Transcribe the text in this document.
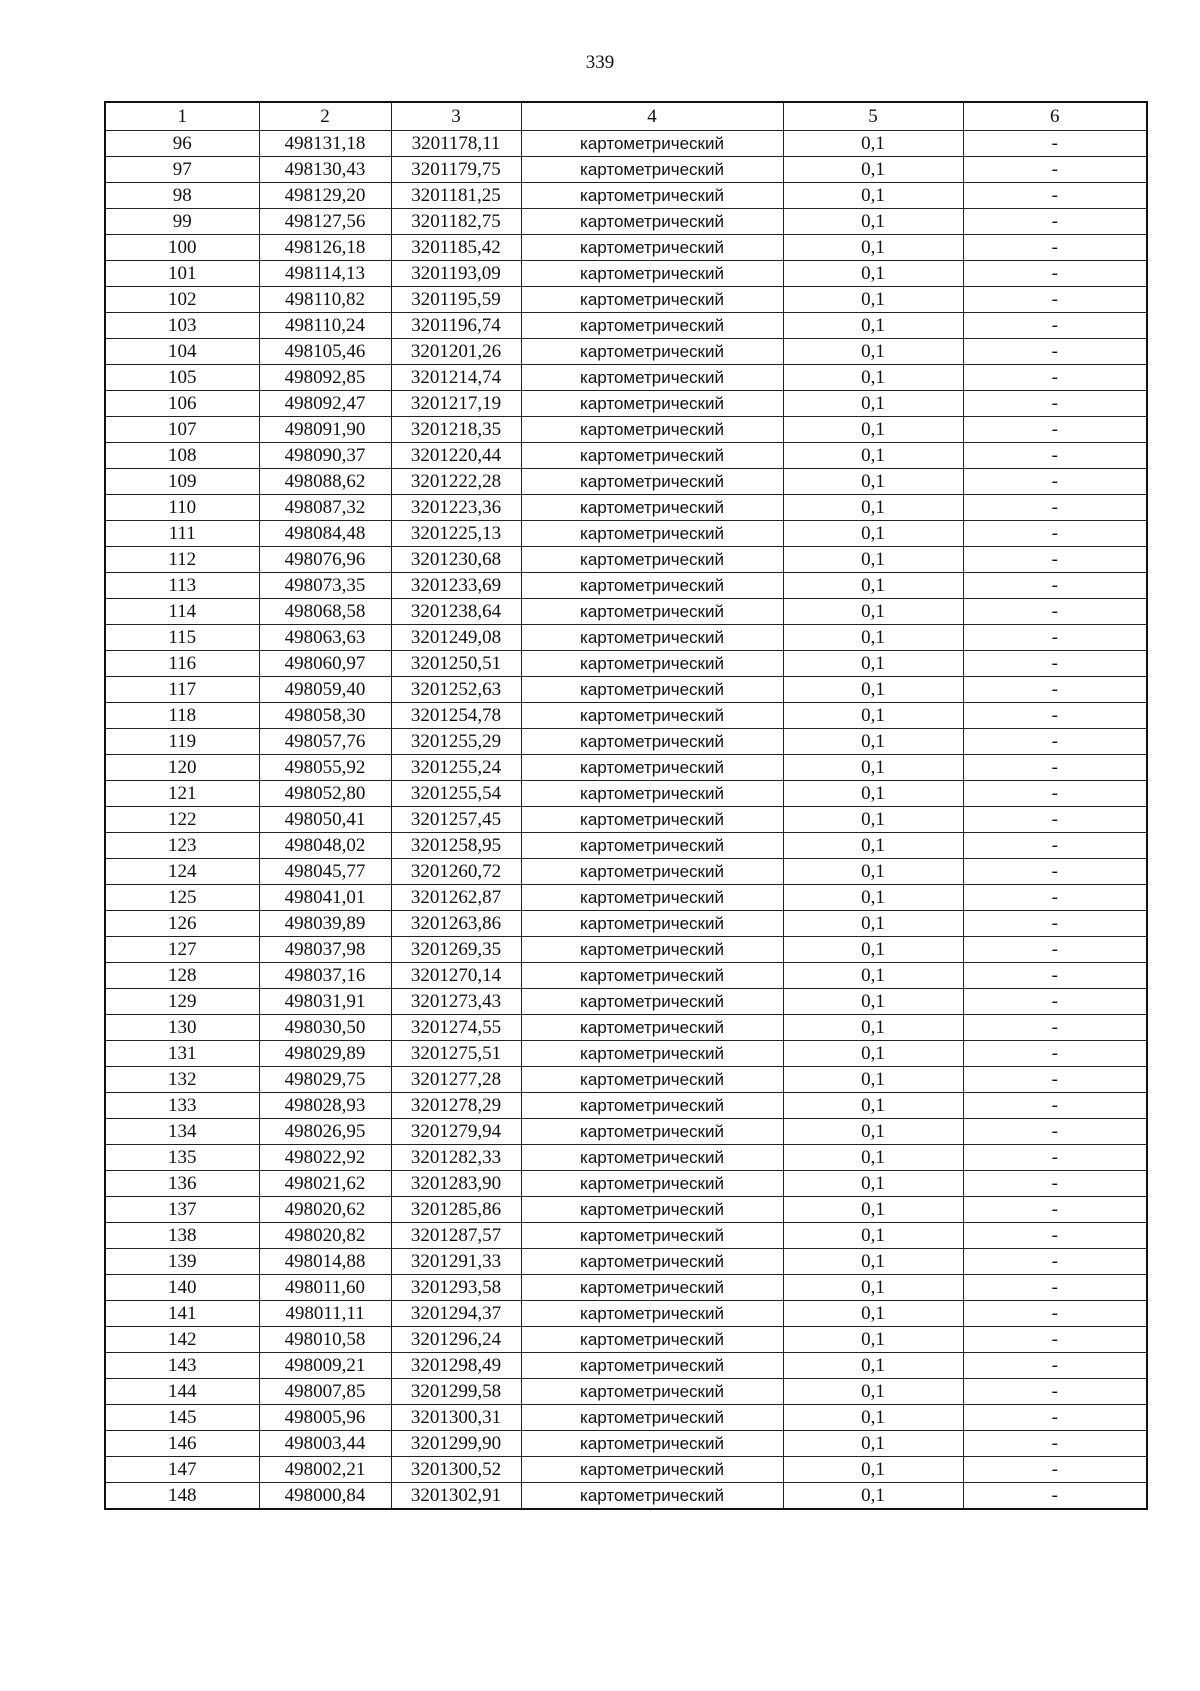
339
1	2	3	4	5	6
96	498131,18	3201178,11	картометрический	0,1	-
97	498130,43	3201179,75	картометрический	0,1	-
98	498129,20	3201181,25	картометрический	0,1	-
99	498127,56	3201182,75	картометрический	0,1	-
100	498126,18	3201185,42	картометрический	0,1	-
101	498114,13	3201193,09	картометрический	0,1	-
102	498110,82	3201195,59	картометрический	0,1	-
103	498110,24	3201196,74	картометрический	0,1	-
104	498105,46	3201201,26	картометрический	0,1	-
105	498092,85	3201214,74	картометрический	0,1	-
106	498092,47	3201217,19	картометрический	0,1	-
107	498091,90	3201218,35	картометрический	0,1	-
108	498090,37	3201220,44	картометрический	0,1	-
109	498088,62	3201222,28	картометрический	0,1	-
110	498087,32	3201223,36	картометрический	0,1	-
111	498084,48	3201225,13	картометрический	0,1	-
112	498076,96	3201230,68	картометрический	0,1	-
113	498073,35	3201233,69	картометрический	0,1	-
114	498068,58	3201238,64	картометрический	0,1	-
115	498063,63	3201249,08	картометрический	0,1	-
116	498060,97	3201250,51	картометрический	0,1	-
117	498059,40	3201252,63	картометрический	0,1	-
118	498058,30	3201254,78	картометрический	0,1	-
119	498057,76	3201255,29	картометрический	0,1	-
120	498055,92	3201255,24	картометрический	0,1	-
121	498052,80	3201255,54	картометрический	0,1	-
122	498050,41	3201257,45	картометрический	0,1	-
123	498048,02	3201258,95	картометрический	0,1	-
124	498045,77	3201260,72	картометрический	0,1	-
125	498041,01	3201262,87	картометрический	0,1	-
126	498039,89	3201263,86	картометрический	0,1	-
127	498037,98	3201269,35	картометрический	0,1	-
128	498037,16	3201270,14	картометрический	0,1	-
129	498031,91	3201273,43	картометрический	0,1	-
130	498030,50	3201274,55	картометрический	0,1	-
131	498029,89	3201275,51	картометрический	0,1	-
132	498029,75	3201277,28	картометрический	0,1	-
133	498028,93	3201278,29	картометрический	0,1	-
134	498026,95	3201279,94	картометрический	0,1	-
135	498022,92	3201282,33	картометрический	0,1	-
136	498021,62	3201283,90	картометрический	0,1	-
137	498020,62	3201285,86	картометрический	0,1	-
138	498020,82	3201287,57	картометрический	0,1	-
139	498014,88	3201291,33	картометрический	0,1	-
140	498011,60	3201293,58	картометрический	0,1	-
141	498011,11	3201294,37	картометрический	0,1	-
142	498010,58	3201296,24	картометрический	0,1	-
143	498009,21	3201298,49	картометрический	0,1	-
144	498007,85	3201299,58	картометрический	0,1	-
145	498005,96	3201300,31	картометрический	0,1	-
146	498003,44	3201299,90	картометрический	0,1	-
147	498002,21	3201300,52	картометрический	0,1	-
148	498000,84	3201302,91	картометрический	0,1	-
